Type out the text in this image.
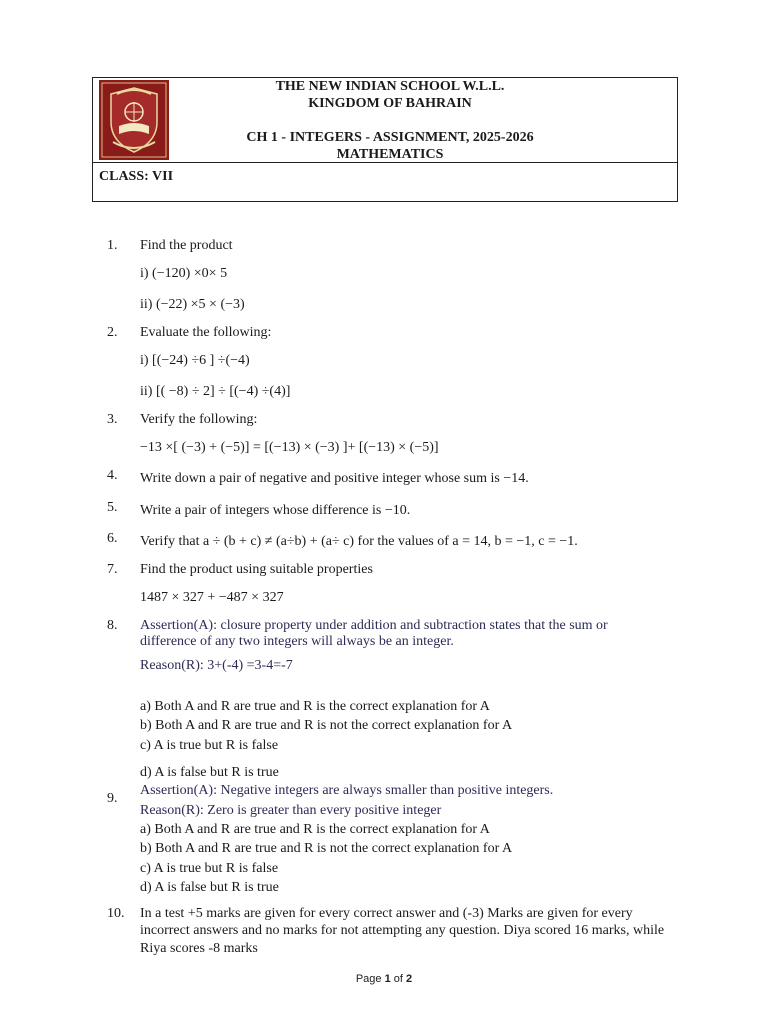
THE NEW INDIAN SCHOOL W.L.L.
KINGDOM OF BAHRAIN
CH 1 - INTEGERS - ASSIGNMENT, 2025-2026
MATHEMATICS
CLASS: VII
1. Find the product
i) (−120) ×0× 5
ii) (−22) ×5 × (−3)
2. Evaluate the following:
i) [(−24) ÷6 ] ÷(−4)
ii) [( −8) ÷ 2] ÷ [(−4) ÷(4)]
3. Verify the following:
−13 ×[ (−3) + (−5)] = [(−13) × (−3) ]+ [(−13) × (−5)]
4. Write down a pair of negative and positive integer whose sum is −14.
5. Write a pair of integers whose difference is −10.
6. Verify that a ÷ (b + c) ≠ (a÷b) + (a÷ c) for the values of a = 14, b = −1, c = −1.
7. Find the product using suitable properties
1487 × 327 + −487 × 327
8. Assertion(A): closure property under addition and subtraction states that the sum or
difference of any two integers will always be an integer.
Reason(R): 3+(-4) =3-4=-7
a) Both A and R are true and R is the correct explanation for A
b) Both A and R are true and R is not the correct explanation for A
c) A is true but R is false
d) A is false but R is true
9.
Assertion(A): Negative integers are always smaller than positive integers.
Reason(R): Zero is greater than every positive integer
a) Both A and R are true and R is the correct explanation for A
b) Both A and R are true and R is not the correct explanation for A
c) A is true but R is false
d) A is false but R is true
10. In a test +5 marks are given for every correct answer and (-3) Marks are given for every
incorrect answers and no marks for not attempting any question. Diya scored 16 marks, while
Riya scores -8 marks
Page 1 of 2
